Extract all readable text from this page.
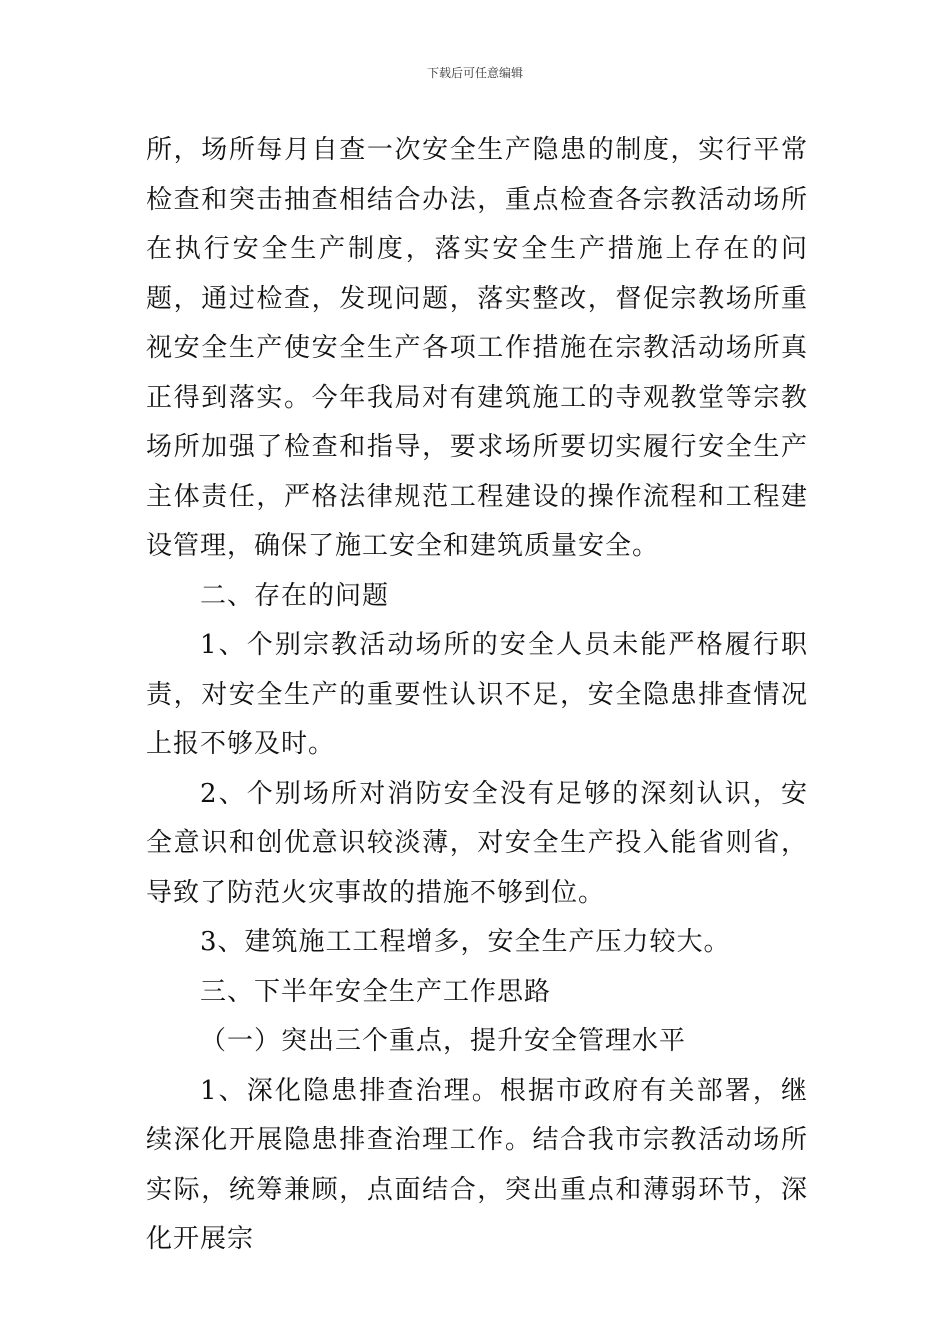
下载后可任意编辑

所，场所每月自查一次安全生产隐患的制度，实行平常检查和突击抽查相结合办法，重点检查各宗教活动场所在执行安全生产制度，落实安全生产措施上存在的问题，通过检查，发现问题，落实整改，督促宗教场所重视安全生产使安全生产各项工作措施在宗教活动场所真正得到落实。今年我局对有建筑施工的寺观教堂等宗教场所加强了检查和指导，要求场所要切实履行安全生产主体责任，严格法律规范工程建设的操作流程和工程建设管理，确保了施工安全和建筑质量安全。

二、存在的问题

1、个别宗教活动场所的安全人员未能严格履行职责，对安全生产的重要性认识不足，安全隐患排查情况上报不够及时。

2、个别场所对消防安全没有足够的深刻认识，安全意识和创优意识较淡薄，对安全生产投入能省则省，导致了防范火灾事故的措施不够到位。

3、建筑施工工程增多，安全生产压力较大。

三、下半年安全生产工作思路

（一）突出三个重点，提升安全管理水平

1、深化隐患排查治理。根据市政府有关部署，继续深化开展隐患排查治理工作。结合我市宗教活动场所实际，统筹兼顾，点面结合，突出重点和薄弱环节，深化开展宗
